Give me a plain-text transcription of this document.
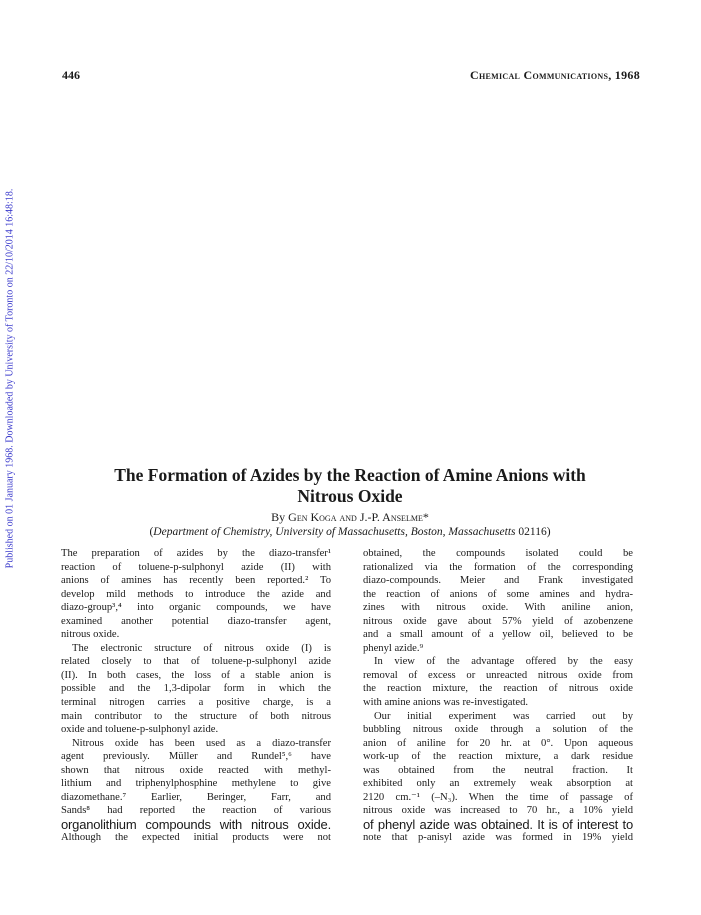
Published on 01 January 1968. Downloaded by University of Toronto on 22/10/2014 16:48:18.
446	Chemical Communications, 1968
The Formation of Azides by the Reaction of Amine Anions with
Nitrous Oxide
By Gen Koga and J.-P. Anselme*
(Department of Chemistry, University of Massachusetts, Boston, Massachusetts 02116)
The preparation of azides by the diazo-transfer¹
reaction of toluene-p-sulphonyl azide (II) with
anions of amines has recently been reported.² To
develop mild methods to introduce the azide and
diazo-group³,⁴ into organic compounds, we have
examined another potential diazo-transfer agent,
nitrous oxide.
The electronic structure of nitrous oxide (I) is
related closely to that of toluene-p-sulphonyl azide
(II). In both cases, the loss of a stable anion is
possible and the 1,3-dipolar form in which the
terminal nitrogen carries a positive charge, is a
main contributor to the structure of both nitrous
oxide and toluene-p-sulphonyl azide.
Nitrous oxide has been used as a diazo-transfer
agent previously. Müller and Rundel⁵,⁶ have
shown that nitrous oxide reacted with methyl-
lithium and triphenylphosphine methylene to give
diazomethane.⁷ Earlier, Beringer, Farr, and
Sands⁸ had reported the reaction of various
organolithium compounds with nitrous oxide.
Although the expected initial products were not
obtained, the compounds isolated could be
rationalized via the formation of the corresponding
diazo-compounds. Meier and Frank investigated
the reaction of anions of some amines and hydra-
zines with nitrous oxide. With aniline anion,
nitrous oxide gave about 57% yield of azobenzene
and a small amount of a yellow oil, believed to be
phenyl azide.⁹
In view of the advantage offered by the easy
removal of excess or unreacted nitrous oxide from
the reaction mixture, the reaction of nitrous oxide
with amine anions was re-investigated.
Our initial experiment was carried out by
bubbling nitrous oxide through a solution of the
anion of aniline for 20 hr. at 0°. Upon aqueous
work-up of the reaction mixture, a dark residue
was obtained from the neutral fraction. It
exhibited only an extremely weak absorption at
2120 cm.⁻¹ (–N₃). When the time of passage of
nitrous oxide was increased to 70 hr., a 10% yield
of phenyl azide was obtained. It is of interest to
note that p-anisyl azide was formed in 19% yield
